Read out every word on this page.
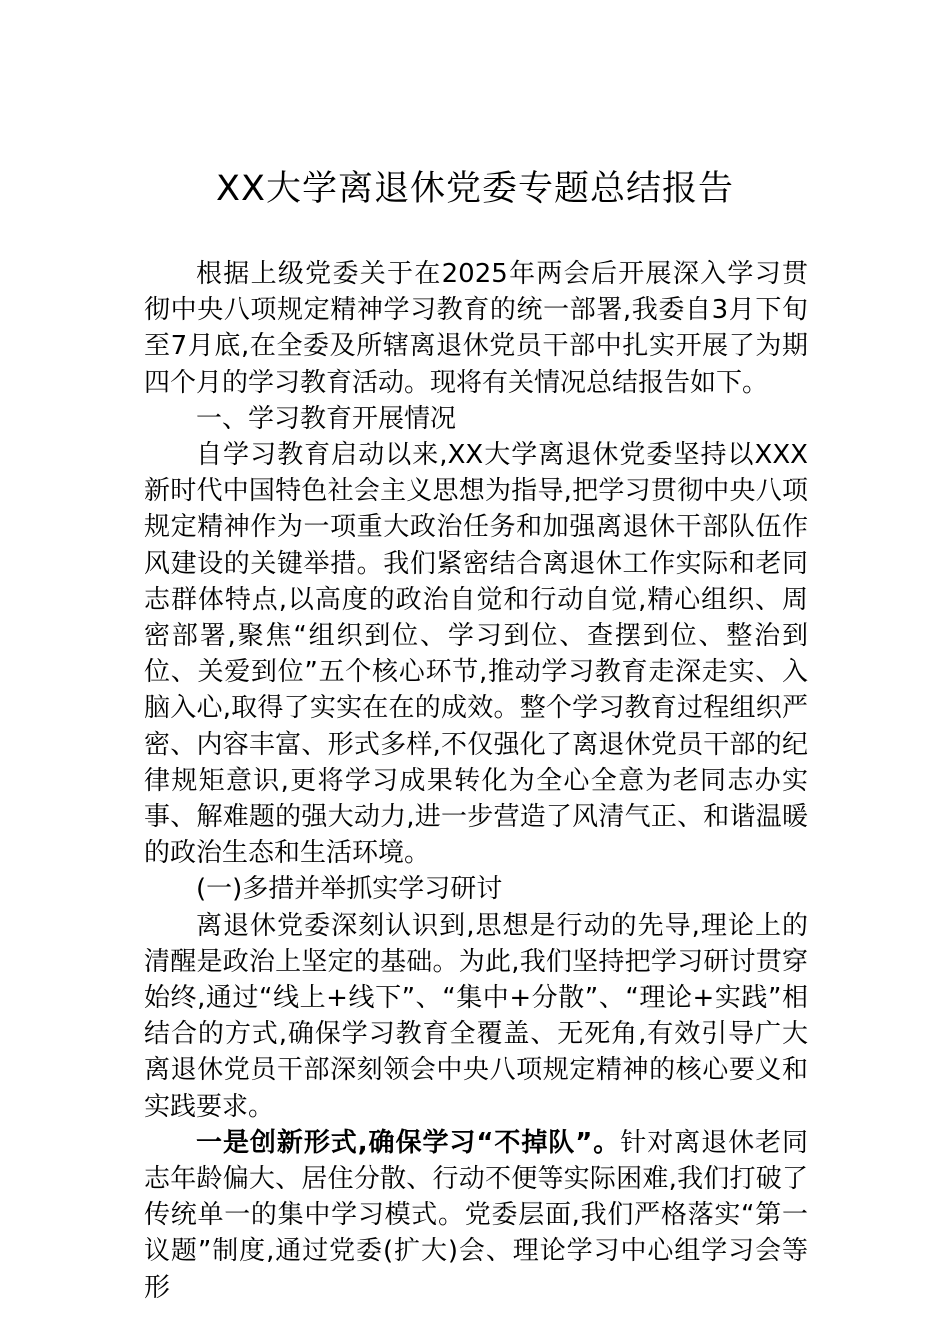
XX大学离退休党委专题总结报告

根据上级党委关于在2025年两会后开展深入学习贯彻中央八项规定精神学习教育的统一部署,我委自3月下旬至7月底,在全委及所辖离退休党员干部中扎实开展了为期四个月的学习教育活动。现将有关情况总结报告如下。

一、学习教育开展情况

自学习教育启动以来,XX大学离退休党委坚持以XXX新时代中国特色社会主义思想为指导,把学习贯彻中央八项规定精神作为一项重大政治任务和加强离退休干部队伍作风建设的关键举措。我们紧密结合离退休工作实际和老同志群体特点,以高度的政治自觉和行动自觉,精心组织、周密部署,聚焦“组织到位、学习到位、查摆到位、整治到位、关爱到位”五个核心环节,推动学习教育走深走实、入脑入心,取得了实实在在的成效。整个学习教育过程组织严密、内容丰富、形式多样,不仅强化了离退休党员干部的纪律规矩意识,更将学习成果转化为全心全意为老同志办实事、解难题的强大动力,进一步营造了风清气正、和谐温暖的政治生态和生活环境。

(一)多措并举抓实学习研讨

离退休党委深刻认识到,思想是行动的先导,理论上的清醒是政治上坚定的基础。为此,我们坚持把学习研讨贯穿始终,通过“线上+线下”、“集中+分散”、“理论+实践”相结合的方式,确保学习教育全覆盖、无死角,有效引导广大离退休党员干部深刻领会中央八项规定精神的核心要义和实践要求。

一是创新形式,确保学习“不掉队”。针对离退休老同志年龄偏大、居住分散、行动不便等实际困难,我们打破了传统单一的集中学习模式。党委层面,我们严格落实“第一议题”制度,通过党委(扩大)会、理论学习中心组学习会等形
